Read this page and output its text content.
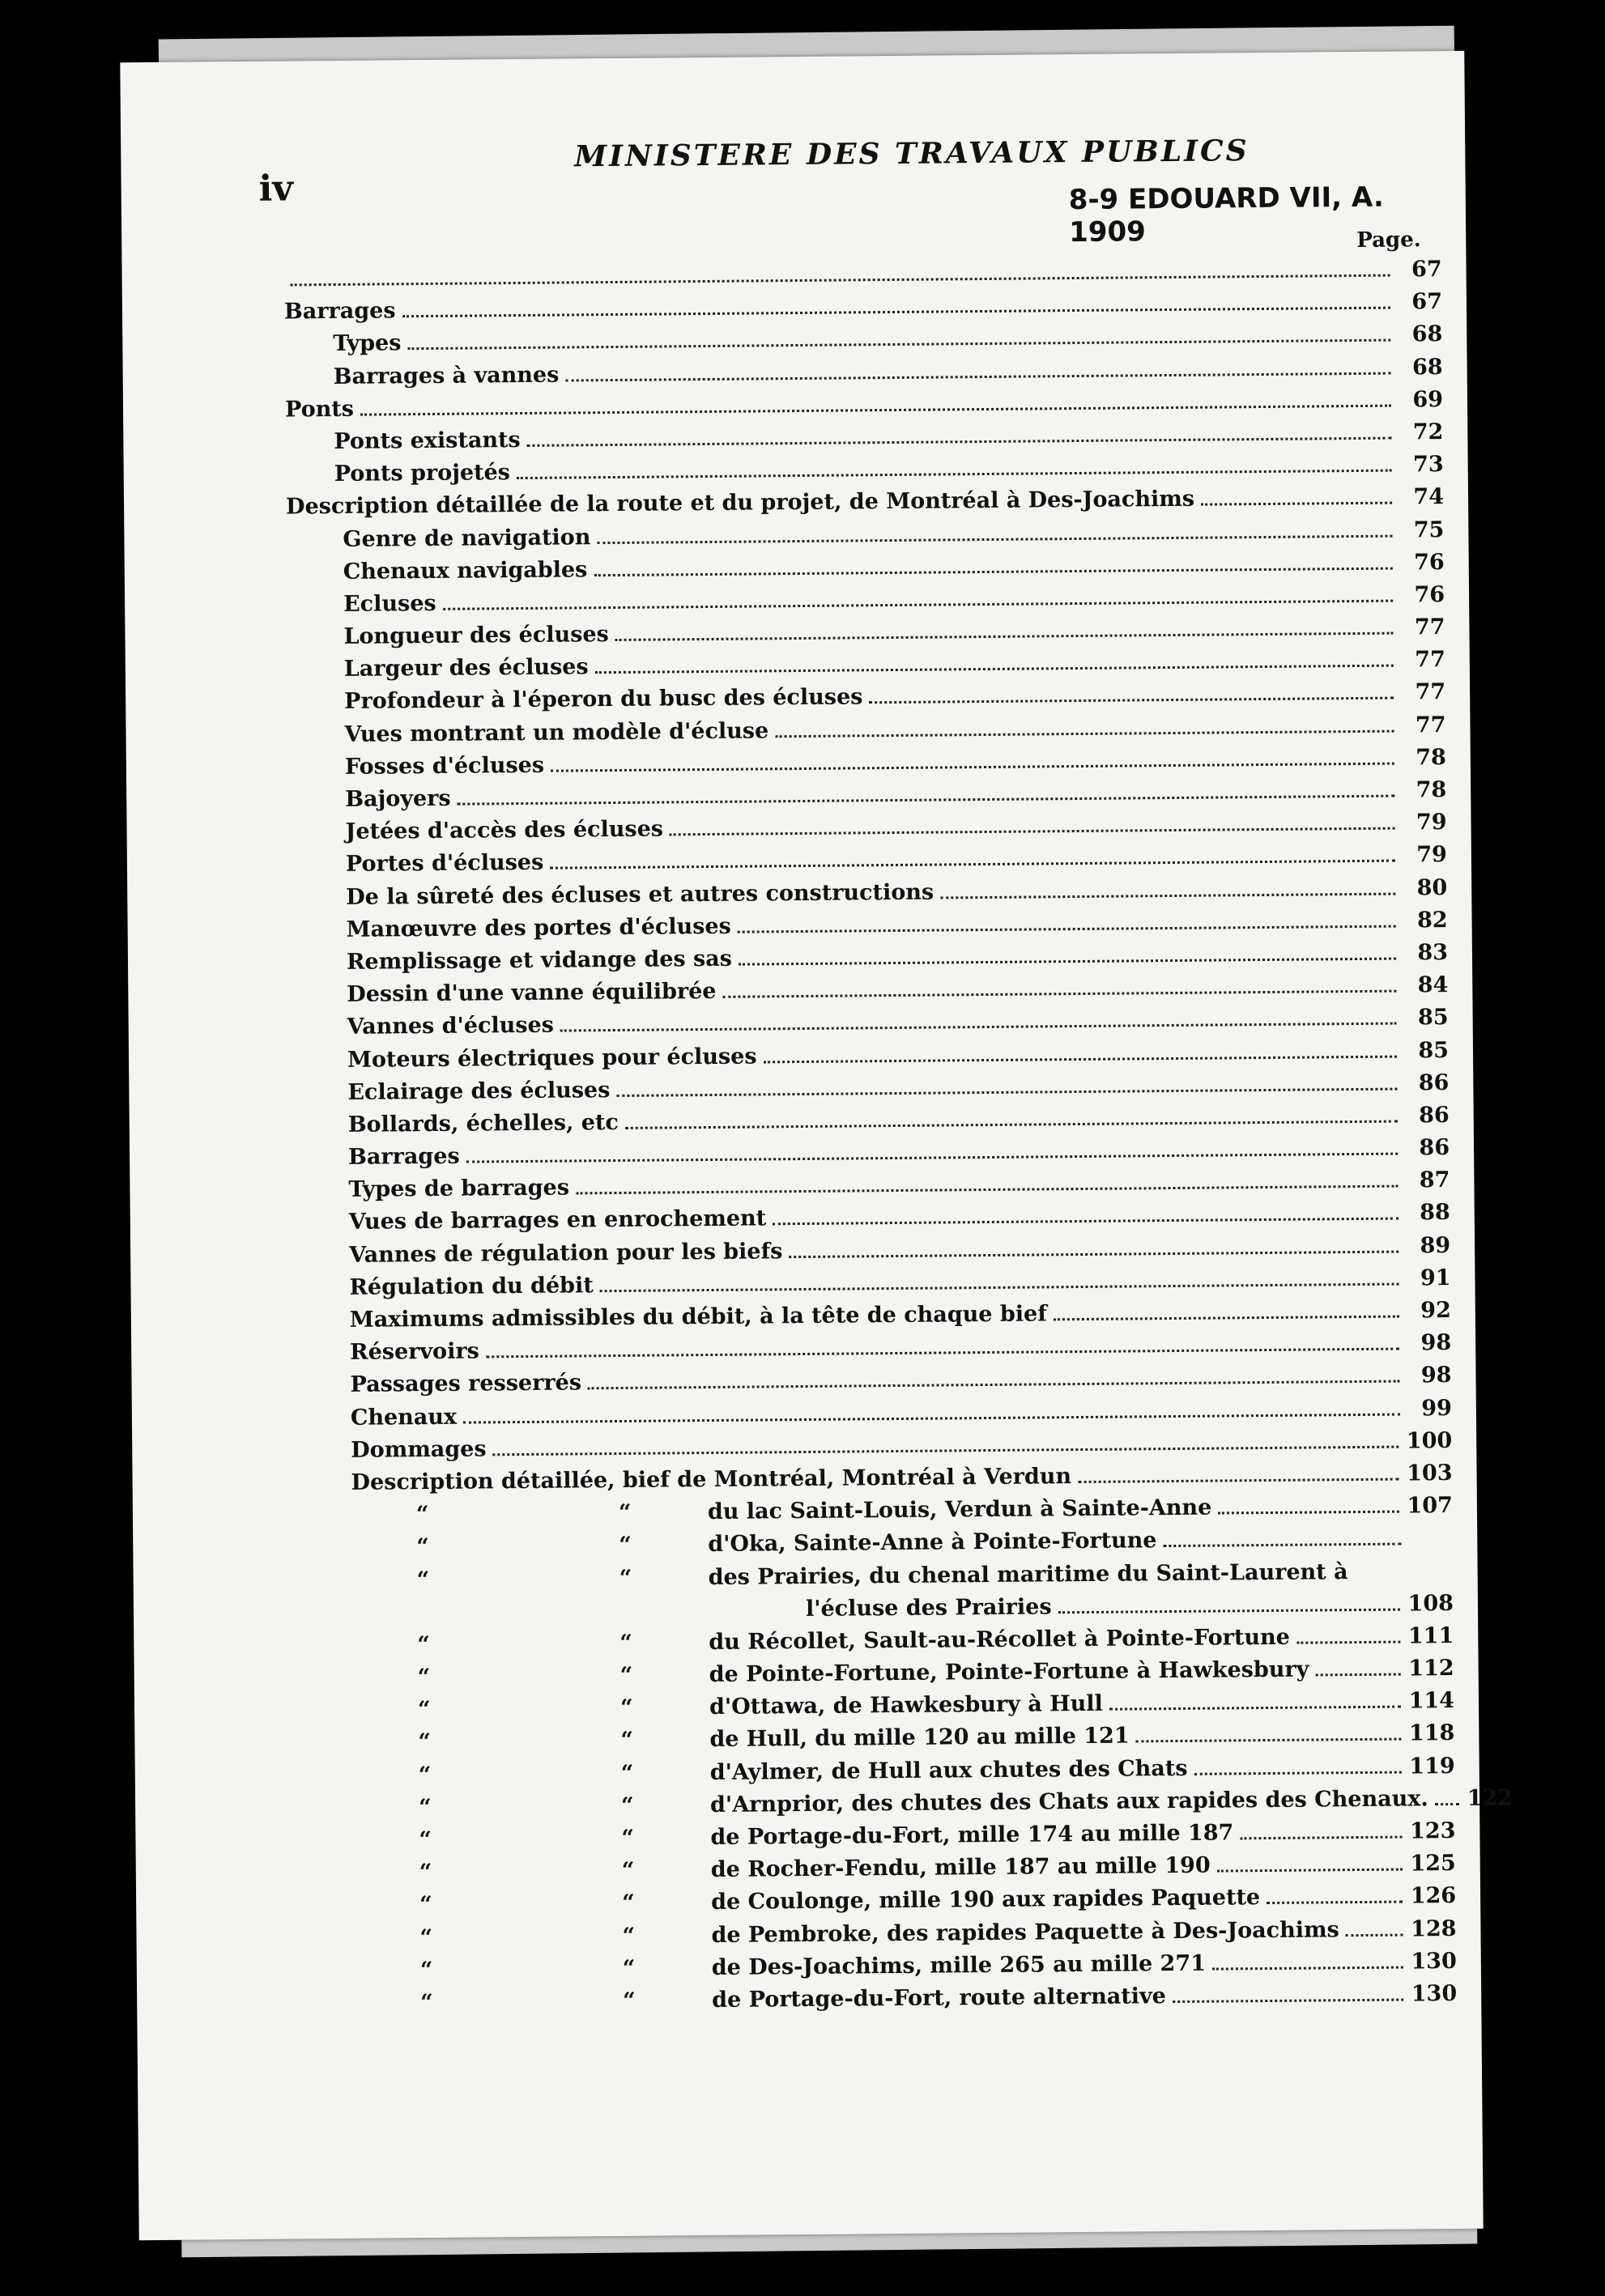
iv
MINISTERE DES TRAVAUX PUBLICS
8-9 EDOUARD VII, A. 1909	Page.
67
Barrages	67
Types	68
Barrages à vannes	68
Ponts	69
Ponts existants	72
Ponts projetés	73
Description détaillée de la route et du projet, de Montréal à Des-Joachims	74
Genre de navigation	75
Chenaux navigables	76
Ecluses	76
Longueur des écluses	77
Largeur des écluses	77
Profondeur à l'éperon du busc des écluses	77
Vues montrant un modèle d'écluse	77
Fosses d'écluses	78
Bajoyers	78
Jetées d'accès des écluses	79
Portes d'écluses	79
De la sûreté des écluses et autres constructions	80
Manœuvre des portes d'écluses	82
Remplissage et vidange des sas	83
Dessin d'une vanne équilibrée	84
Vannes d'écluses	85
Moteurs électriques pour écluses	85
Eclairage des écluses	86
Bollards, échelles, etc	86
Barrages	86
Types de barrages	87
Vues de barrages en enrochement	88
Vannes de régulation pour les biefs	89
Régulation du débit	91
Maximums admissibles du débit, à la tête de chaque bief	92
Réservoirs	98
Passages resserrés	98
Chenaux	99
Dommages	100
Description détaillée, bief de Montréal, Montréal à Verdun	103
“	“	du lac Saint-Louis, Verdun à Sainte-Anne	107
“	“	d'Oka, Sainte-Anne à Pointe-Fortune
“	“	des Prairies, du chenal maritime du Saint-Laurent à
l'écluse des Prairies	108
“	“	du Récollet, Sault-au-Récollet à Pointe-Fortune	111
“	“	de Pointe-Fortune, Pointe-Fortune à Hawkesbury	112
“	“	d'Ottawa, de Hawkesbury à Hull	114
“	“	de Hull, du mille 120 au mille 121	118
“	“	d'Aylmer, de Hull aux chutes des Chats	119
“	“	d'Arnprior, des chutes des Chats aux rapides des Chenaux. 122
“	“	de Portage-du-Fort, mille 174 au mille 187	123
“	“	de Rocher-Fendu, mille 187 au mille 190	125
“	“	de Coulonge, mille 190 aux rapides Paquette	126
“	“	de Pembroke, des rapides Paquette à Des-Joachims	128
“	“	de Des-Joachims, mille 265 au mille 271	130
“	“	de Portage-du-Fort, route alternative	130
